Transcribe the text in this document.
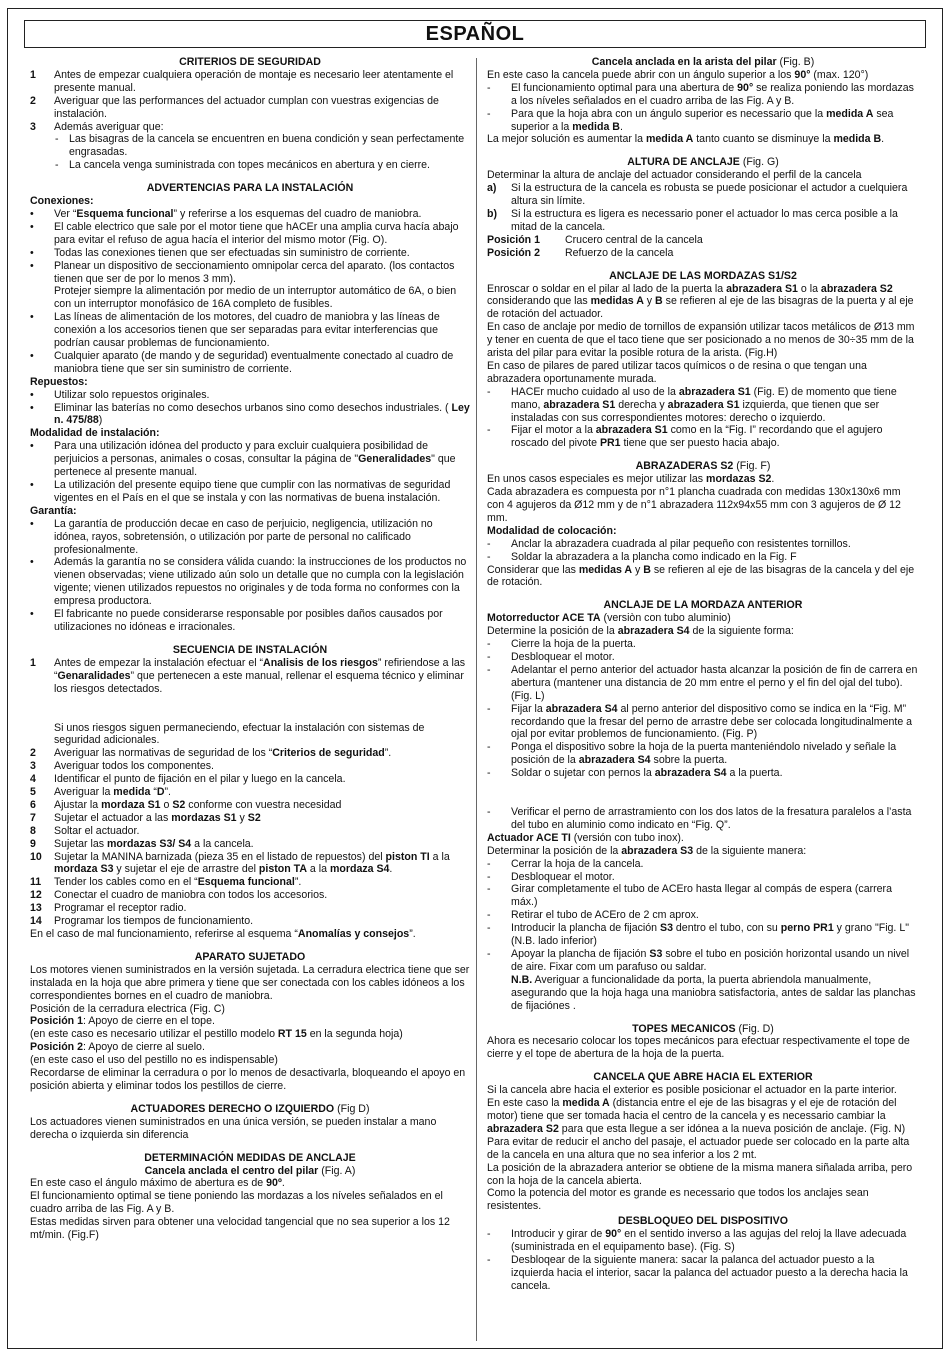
ESPAÑOL
CRITERIOS DE SEGURIDAD
1 Antes de empezar cualquiera operación de montaje es necesario leer atentamente el presente manual.
2 Averiguar que las performances del actuador cumplan con vuestras exigencias de instalación.
3 Además averiguar que:
- Las bisagras de la cancela se encuentren en buena condición y sean perfectamente engrasadas.
- La cancela venga suministrada con topes mecánicos en abertura y en cierre.
ADVERTENCIAS PARA LA INSTALACIÓN
Conexiones:
• Ver “Esquema funcional” y referirse a los esquemas del cuadro de maniobra.
• El cable electrico que sale por el motor tiene que hACEr una amplia curva hacía abajo para evitar el refuso de agua hacía el interior del mismo motor (Fig. O).
• Todas las conexiones tienen que ser efectuadas sin suministro de corriente.
• Planear un dispositivo de seccionamiento omnipolar cerca del aparato. (los contactos tienen que ser de por lo menos 3 mm).
Protejer siempre la alimentación por medio de un interruptor automático de 6A, o bien con un interruptor monofásico de 16A completo de fusibles.
• Las líneas de alimentación de los motores, del cuadro de maniobra y las líneas de conexión a los accesorios tienen que ser separadas para evitar interferencias que podrían causar problemas de funcionamiento.
• Cualquier aparato (de mando y de seguridad) eventualmente conectado al cuadro de maniobra tiene que ser sin suministro de corriente.
Repuestos:
• Utilizar solo repuestos originales.
• Eliminar las baterías no como desechos urbanos sino como desechos industriales. ( Ley n. 475/88)
Modalidad de instalación:
• Para una utilización idónea del producto y para excluir cualquiera posibilidad de perjuicios a personas, animales o cosas, consultar la página de "Generalidades" que pertenece al presente manual.
• La utilización del presente equipo tiene que cumplir con las normativas de seguridad vigentes en el País en el que se instala y con las normativas de buena instalación.
Garantía:
• La garantía de producción decae en caso de perjuicio, negligencia, utilización no idónea, rayos, sobretensión, o utilización por parte de personal no calificado profesionalmente.
• Además la garantía no se considera válida cuando: la instrucciones de los productos no vienen observadas; viene utilizado aún solo un detalle que no cumpla con la legislación vigente; vienen utilizados repuestos no originales y de toda forma no conformes con la empresa productora.
• El fabricante no puede considerarse responsable por posibles daños causados por utilizaciones no idóneas e irracionales.
SECUENCIA DE INSTALACIÓN
1 Antes de empezar la instalación efectuar el “Analisis de los riesgos” refiriendose a las “Genaralidades” que pertenecen a este manual, rellenar el esquema técnico y eliminar los riesgos detectados.
Si unos riesgos siguen permaneciendo, efectuar la instalación con sistemas de seguridad adicionales.
2 Averiguar las normativas de seguridad de los “Criterios de seguridad”.
3 Averiguar todos los componentes.
4 Identificar el punto de fijación en el pilar y luego en la cancela.
5 Averiguar la medida “D”.
6 Ajustar la mordaza S1 o S2 conforme con vuestra necesidad
7 Sujetar el actuador a las mordazas S1 y S2
8 Soltar el actuador.
9 Sujetar las mordazas S3/ S4 a la cancela.
10 Sujetar la MANINA barnizada (pieza 35 en el listado de repuestos) del piston TI a la mordaza S3 y sujetar el eje de arrastre del piston TA a la mordaza S4.
11 Tender los cables como en el “Esquema funcional”.
12 Conectar el cuadro de maniobra con todos los accesorios.
13 Programar el receptor radio.
14 Programar los tiempos de funcionamiento.
En el caso de mal funcionamiento, referirse al esquema “Anomalías y consejos”.
APARATO SUJETADO
Los motores vienen suministrados en la versión sujetada. La cerradura electrica tiene que ser instalada en la hoja que abre primera y tiene que ser conectada con los cables idóneos a los correspondientes bornes en el cuadro de maniobra.
Posición de la cerradura electrica (Fig. C)
Posición 1: Apoyo de cierre en el tope.
(en este caso es necesario utilizar el pestillo modelo RT 15 en la segunda hoja)
Posición 2: Apoyo de cierre al suelo.
(en este caso el uso del pestillo no es indispensable)
Recordarse de eliminar la cerradura o por lo menos de desactivarla, bloqueando el apoyo en posición abierta y eliminar todos los pestillos de cierre.
ACTUADORES DERECHO O IZQUIERDO (Fig D)
Los actuadores vienen suministrados en una única versión, se pueden instalar a mano derecha o izquierda sin diferencia
DETERMINACIÓN MEDIDAS DE ANCLAJE
Cancela anclada el centro del pilar (Fig. A)
En este caso el ángulo máximo de abertura es de 90º.
El funcionamiento optimal se tiene poniendo las mordazas a los níveles señalados en el cuadro arriba de las Fig. A y B.
Estas medidas sirven para obtener una velocidad tangencial que no sea superior a los 12 mt/min. (Fig.F)
Cancela anclada en la arista del pilar (Fig. B)
En este caso la cancela puede abrir con un ángulo superior a los 90° (max. 120°)
- El funcionamiento optimal para una abertura de 90° se realiza poniendo las mordazas a los níveles señalados en el cuadro arriba de las Fig. A y B.
- Para que la hoja abra con un ángulo superior es necessario que la medida A sea superior a la medida B.
La mejor solución es aumentar la medida A tanto cuanto se disminuye la medida B.
ALTURA DE ANCLAJE (Fig. G)
Determinar la altura de anclaje del actuador considerando el perfil de la cancela
a) Si la estructura de la cancela es robusta se puede posicionar el actudor a cuelquiera altura sin límite.
b) Si la estructura es ligera es necessario poner el actuador lo mas cerca posible a la mitad de la cancela.
Posición 1 Crucero central de la cancela
Posición 2 Refuerzo de la cancela
ANCLAJE DE LAS MORDAZAS S1/S2
Enroscar o soldar en el pilar al lado de la puerta la abrazadera S1 o la abrazadera S2 considerando que las medidas A y B se refieren al eje de las bisagras de la puerta y al eje de rotación del actuador.
En caso de anclaje por medio de tornillos de expansión utilizar tacos metálicos de Ø13 mm y tener en cuenta de que el taco tiene que ser posicionado a no menos de 30÷35 mm de la arista del pilar para evitar la posible rotura de la arista. (Fig.H)
En caso de pilares de pared utilizar tacos químicos o de resina o que tengan una abrazadera oportunamente murada.
- HACEr mucho cuidado al uso de la abrazadera S1 (Fig. E) de momento que tiene mano, abrazadera S1 derecha y abrazadera S1 izquierda, que tienen que ser instaladas con sus correspondientes motores: derecho o izquierdo.
- Fijar el motor a la abrazadera S1 como en la “Fig. I” recordando que el agujero roscado del pivote PR1 tiene que ser puesto hacia abajo.
ABRAZADERAS S2 (Fig. F)
En unos casos especiales es mejor utilizar las mordazas S2.
Cada abrazadera es compuesta por n°1 plancha cuadrada con medidas 130x130x6 mm con 4 agujeros da Ø12 mm y de n°1 abrazadera 112x94x55 mm con 3 agujeros de Ø 12 mm.
Modalidad de colocación:
- Anclar la abrazadera cuadrada al pilar pequeño con resistentes tornillos.
- Soldar la abrazadera a la plancha como indicado en la Fig. F
Considerar que las medidas A y B se refieren al eje de las bisagras de la cancela y del eje de rotación.
ANCLAJE DE LA MORDAZA ANTERIOR
Motorreductor ACE TA (versiòn con tubo aluminio)
Determine la posición de la abrazadera S4 de la siguiente forma:
- Cierre la hoja de la puerta.
- Desbloquear el motor.
- Adelantar el perno anterior del actuador hasta alcanzar la posición de fin de carrera en abertura (mantener una distancia de 20 mm entre el perno y el fin del ojal del tubo). (Fig. L)
- Fijar la abrazadera S4 al perno anterior del dispositivo como se indica en la “Fig. M” recordando que la fresar del perno de arrastre debe ser colocada longitudinalmente a ojal por evitar problemos de funcionamiento. (Fig. P)
- Ponga el dispositivo sobre la hoja de la puerta manteniéndolo nivelado y señale la posición de la abrazadera S4 sobre la puerta.
- Soldar o sujetar con pernos la abrazadera S4 a la puerta.
- Verificar el perno de arrastramiento con los dos latos de la fresatura paralelos a l’asta del tubo en aluminio como indicato en “Fig. Q”.
Actuador ACE TI (versión con tubo inox).
Determinar la posición de la abrazadera S3 de la siguiente manera:
- Cerrar la hoja de la cancela.
- Desbloquear el motor.
- Girar completamente el tubo de ACEro hasta llegar al compás de espera (carrera máx.)
- Retirar el tubo de ACEro de 2 cm aprox.
- Introducir la plancha de fijación S3 dentro el tubo, con su perno PR1 y grano "Fig. L" (N.B. lado inferior)
- Apoyar la plancha de fijación S3 sobre el tubo en posición horizontal usando un nivel de aire. Fixar com um parafuso ou saldar.
N.B. Averiguar a funcionalidade da porta, la puerta abriendola manualmente, asegurando que la hoja haga una maniobra satisfactoria, antes de saldar las planchas de fijaciónes .
TOPES MECANICOS (Fig. D)
Ahora es necesario colocar los topes mecánicos para efectuar respectivamente el tope de cierre y el tope de abertura de la hoja de la puerta.
CANCELA QUE ABRE HACIA EL EXTERIOR
Si la cancela abre hacia el exterior es posible posicionar el actuador en la parte interior.
En este caso la medida A (distancia entre el eje de las bisagras y el eje de rotación del motor) tiene que ser tomada hacia el centro de la cancela y es necessario cambiar la abrazadera S2 para que esta llegue a ser idónea a la nueva posición de anclaje. (Fig. N)
Para evitar de reducir el ancho del pasaje, el actuador puede ser colocado en la parte alta de la cancela en una altura que no sea inferior a los 2 mt.
La posición de la abrazadera anterior se obtiene de la misma manera siñalada arriba, pero con la hoja de la cancela abierta.
Como la potencia del motor es grande es necessario que todos los anclajes sean resistentes.
DESBLOQUEO DEL DISPOSITIVO
- Introducir y girar de 90° en el sentido inverso a las agujas del reloj la llave adecuada (suministrada en el equipamento base). (Fig. S)
- Desbloqear de la siguiente manera: sacar la palanca del actuador puesto a la izquierda hacia el interior, sacar la palanca del actuador puesto a la derecha hacia la cancela.
